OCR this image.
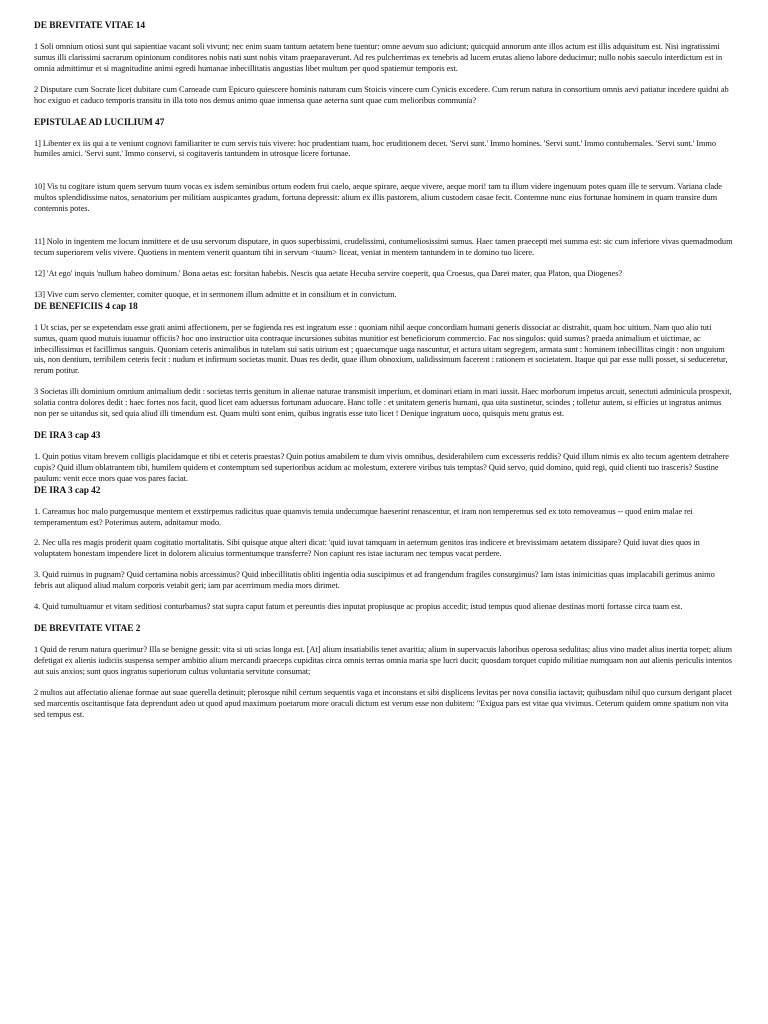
DE BREVITATE VITAE 14

1 Soli omnium otiosi sunt qui sapientiae vacant soli vivunt; nec enim suam tantum aetatem bene tuentur: omne aevum suo adiciunt; quicquid annorum ante illos actum est illis adquisitum est. Nisi ingratissimi sumus illi clarissimi sacrarum opinionum conditores nobis nati sunt nobis vitam praeparaverunt. Ad res pulcherrimas ex tenebris ad lucem erutas alieno labore deducimur; nullo nobis saeculo interdictum est in omnia admittimur et si magnitudine animi egredi humanae inbecillitatis angustias libet multum per quod spatiemur temporis est.

2 Disputare cum Socrate licet dubitare cum Carneade cum Epicuro quiescere hominis naturam cum Stoicis vincere cum Cynicis excedere. Cum rerum natura in consortium omnis aevi patiatur incedere quidni ab hoc exiguo et caduco temporis transitu in illa toto nos demus animo quae inmensa quae aeterna sunt quae cum melioribus communia?

EPISTULAE AD LUCILIUM 47

1] Libenter ex iis qui a te veniunt cognovi familiariter te cum servis tuis vivere: hoc prudentiam tuam, hoc eruditionem decet. 'Servi sunt.' Immo homines. 'Servi sunt.' Immo contubernales. 'Servi sunt.' Immo humiles amici. 'Servi sunt.' Immo conservi, si cogitaveris tantundem in utrosque licere fortunae.

10] Vis tu cogitare istum quem servum tuum vocas ex isdem seminibus ortum eodem frui caelo, aeque spirare, aeque vivere, aeque mori! tam tu illum videre ingenuum potes quam ille te servum. Variana clade multos splendidissime natos, senatorium per militiam auspicantes gradum, fortuna depressit: alium ex illis pastorem, alium custodem casae fecit. Contemne nunc eius fortunae hominem in quam transire dum contemnis potes.

11] Nolo in ingentem me locum inmittere et de usu servorum disputare, in quos superbissimi, crudelissimi, contumeliosissimi sumus. Haec tamen praecepti mei summa est: sic cum inferiore vivas quemadmodum tecum superiorem velis vivere. Quotiens in mentem venerit quantum tibi in servum <tuum> liceat, veniat in mentem tantundem in te domino tuo licere.

12] 'At ego' inquis 'nullum habeo dominum.' Bona aetas est: forsitan habebis. Nescis qua aetate Hecuba servire coeperit, qua Croesus, qua Darei mater, qua Platon, qua Diogenes?

13] Vive cum servo clementer, comiter quoque, et in sermonem illum admitte et in consilium et in convictum.

DE BENEFICIIS 4 cap 18

1 Ut scias, per se expetendam esse grati animi affectionem, per se fugienda res est ingratum esse : quoniam nihil aeque concordiam humani generis dissociat ac distrahit, quam hoc uitium. Nam quo alio tuti sumus, quam quod mutuis iuuamur officiis? hoc uno instructior uita contraque incursiones subitas munitior est beneficiorum commercio. Fac nos singulos: quid sumus? praeda animalium et uictimae, ac inbecillissimus et facillimus sanguis. Quoniam ceteris animalibus in tutelam sui satis uirium est ; quaecumque uaga nascuntur, et actura uitam segregem, armata sunt : hominem inbecillitas cingit : non unguium uis, non dentium, terribilem ceteris fecit : nudum et infirmum societas munit. Duas res dedit, quae illum obnoxium, ualidissimum facerent : rationem et societatem. Itaque qui par esse nulli posset, si seduceretur, rerum potitur.

3 Societas illi dominium omnium animalium dedit : societas terris genitum in alienae naturae transmisit imperium, et dominari etiam in mari iussit. Haec morborum impetus arcuit, senectuti adminicula prospexit, solatia contra dolores dedit : haec fortes nos facit, quod licet eam aduersus fortunam aduocare. Hanc tolle : et unitatem generis humani, qua uita sustinetur, scindes ; tolletur autem, si efficies ut ingratus animus non per se uitandus sit, sed quia aliud illi timendum est. Quam multi sont enim, quibus ingratis esse tuto licet ! Denique ingratum uoco, quisquis metu gratus est.

DE IRA 3 cap 43

1. Quin potius vitam brevem colligis placidamque et tibi et ceteris praestas? Quin potius amabilem te dum vivis omnibus, desiderabilem cum excesseris reddis? Quid illum nimis ex alto tecum agentem detrahere cupis? Quid illum oblatrantem tibi, humilem quidem et contemptum sed superioribus acidum ac molestum, exterere viribus tuis temptas? Quid servo, quid domino, quid regi, quid clienti tuo irasceris? Sustine paulum: venit ecce mors quae vos pares faciat.

DE IRA 3 cap 42

1. Careamus hoc malo purgemusque mentem et exstirpemus radicitus quae quamvis tenuia undecumque haeserint renascentur, et iram non temperemus sed ex toto removeamus -- quod enim malae rei temperamentum est? Poterimus autem, adnitamur modo.

2. Nec ulla res magis proderit quam cogitatio mortalitatis. Sibi quisque atque alteri dicat: 'quid iuvat tamquam in aeternum genitos iras indicere et brevissimam aetatem dissipare? Quid iuvat dies quos in voluptatem honestam impendere licet in dolorem alicuius tormentumque transferre? Non capiunt res istae iacturam nec tempus vacat perdere.

3. Quid ruimus in pugnam? Quid certamina nobis arcessimus? Quid inbecillitatis obliti ingentia odia suscipimus et ad frangendum fragiles consurgimus? Iam istas inimicitias quas implacabili gerimus animo febris aut aliquod aliud malum corporis vetabit geri; iam par acerrimum media mors dirimet.

4. Quid tumultuamur et vitam seditiosi conturbamus? stat supra caput fatum et pereuntis dies inputat propiusque ac propius accedit; istud tempus quod alienae destinas morti fortasse circa tuam est.

DE BREVITATE VITAE 2

1 Quid de rerum natura querimur? Illa se benigne gessit: vita si uti scias longa est. [At] alium insatiabilis tenet avaritia; alium in supervacuis laboribus operosa sedulitas; alius vino madet alius inertia torpet; alium defetigat ex alienis iudiciis suspensa semper ambitio alium mercandi praeceps cupiditas circa omnis terras omnia maria spe lucri ducit; quosdam torquet cupido militiae numquam non aut alienis periculis intentos aut suis anxios; sunt quos ingratus superiorum cultus voluntaria servitute consumat;

2 multos aut affectatio alienae formae aut suae querella detinuit; plerosque nihil certum sequentis vaga et inconstans et sibi displicens levitas per nova consilia iactavit; quibusdam nihil quo cursum derigant placet sed marcentis oscitantisque fata deprendunt adeo ut quod apud maximum poetarum more oraculi dictum est verum esse non dubitem: "Exigua pars est vitae qua vivimus. Ceterum quidem omne spatium non vita sed tempus est.
